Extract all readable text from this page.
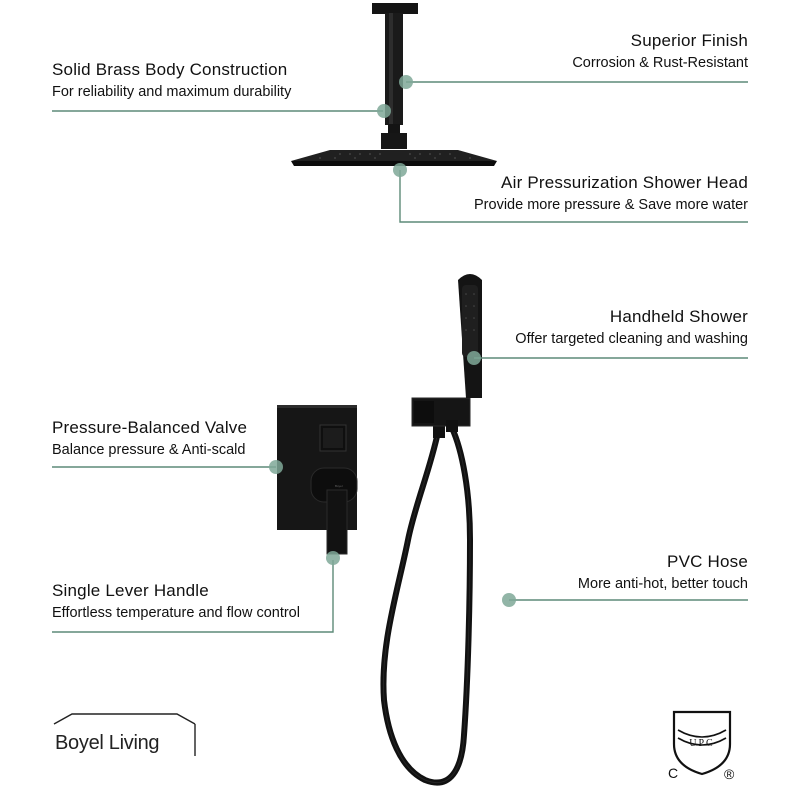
Boyel
Solid Brass Body Construction
For reliability and maximum durability
Superior Finish
Corrosion & Rust-Resistant
Air Pressurization Shower Head
Provide more pressure & Save more water
Handheld Shower
Offer targeted cleaning and washing
Pressure-Balanced Valve
Balance pressure & Anti-scald
Single Lever Handle
Effortless temperature and flow control
PVC Hose
More anti-hot, better touch
Boyel Living	UPC
C	®
